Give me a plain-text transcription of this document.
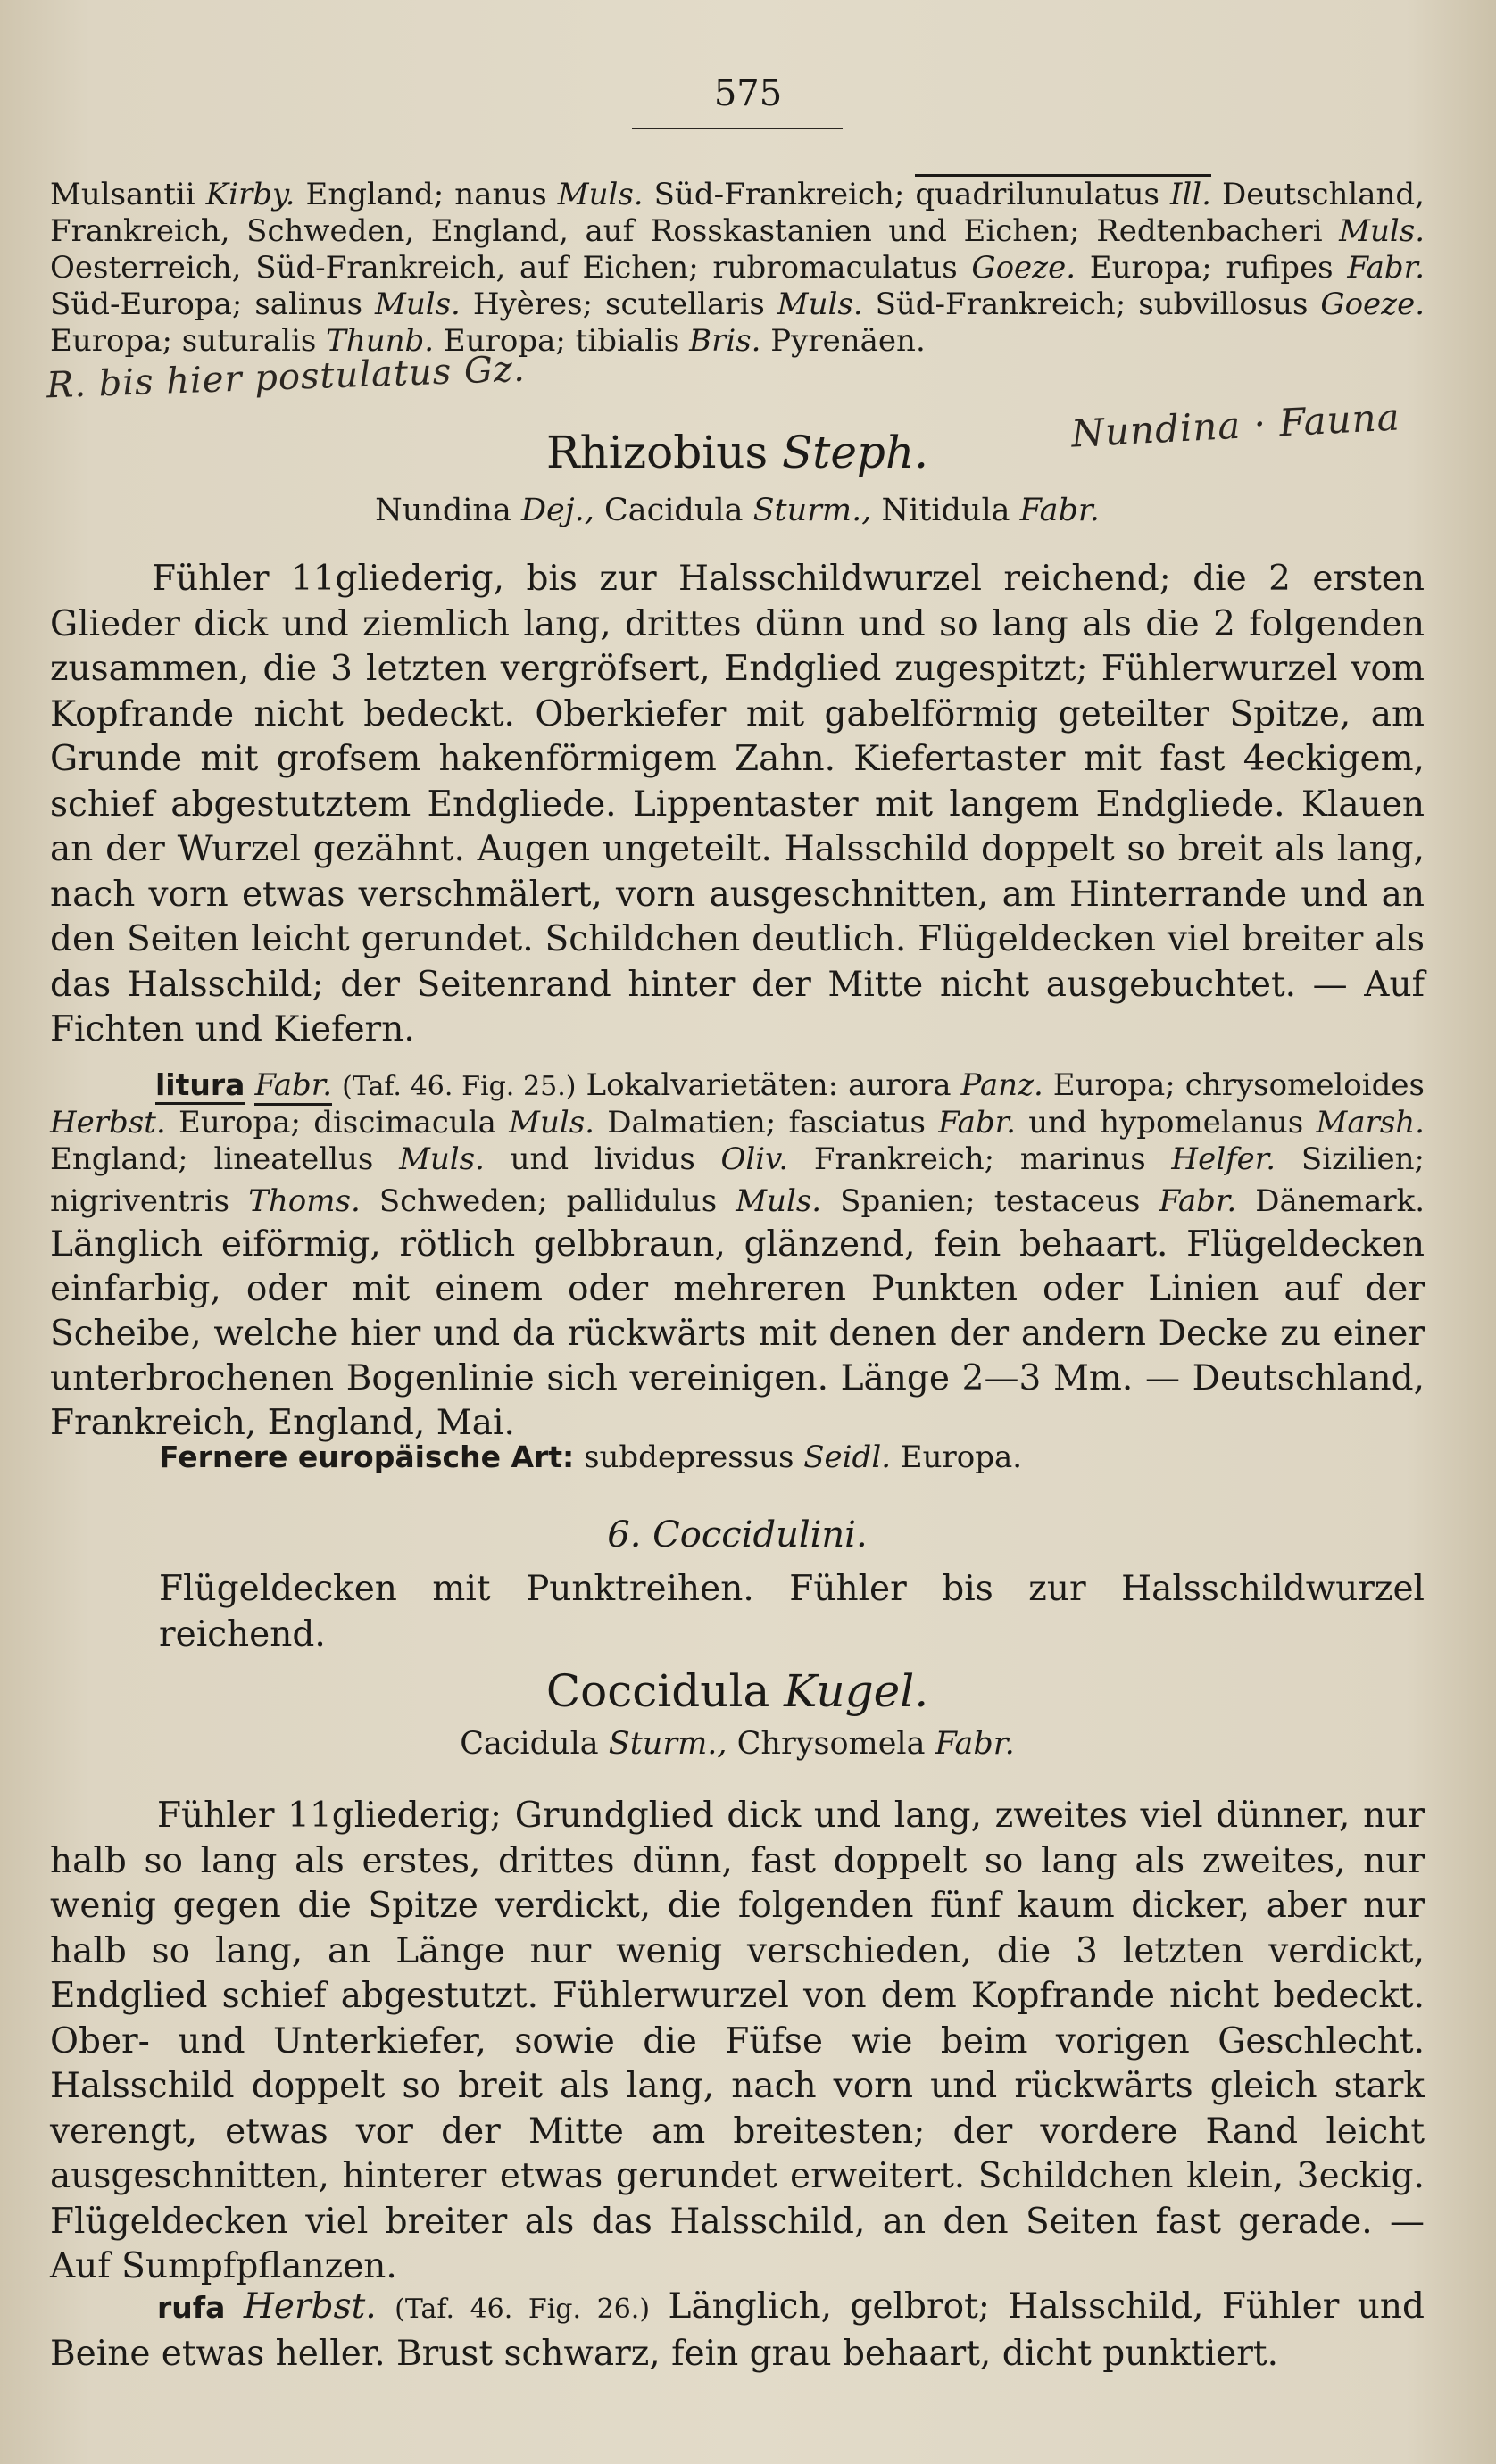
575
Mulsantii Kirby. England; nanus Muls. Süd-Frankreich; quadrilunulatus Ill. Deutschland, Frankreich, Schweden, England, auf Rosskastanien und Eichen; Redtenbacheri Muls. Oesterreich, Süd-Frankreich, auf Eichen; rubromaculatus Goeze. Europa; rufipes Fabr. Süd-Europa; salinus Muls. Hyères; scutellaris Muls. Süd-Frankreich; subvillosus Goeze. Europa; suturalis Thunb. Europa; tibialis Bris. Pyrenäen.
R. bis hier postulatus Gz.
Nundina · Fauna
Rhizobius Steph.
Nundina Dej., Cacidula Sturm., Nitidula Fabr.
Fühler 11gliederig, bis zur Halsschildwurzel reichend; die 2 ersten Glieder dick und ziemlich lang, drittes dünn und so lang als die 2 folgenden zusammen, die 3 letzten vergröfsert, Endglied zugespitzt; Fühlerwurzel vom Kopfrande nicht bedeckt. Oberkiefer mit gabelförmig geteilter Spitze, am Grunde mit grofsem hakenförmigem Zahn. Kiefertaster mit fast 4eckigem, schief abgestutztem Endgliede. Lippentaster mit langem Endgliede. Klauen an der Wurzel gezähnt. Augen ungeteilt. Halsschild doppelt so breit als lang, nach vorn etwas verschmälert, vorn ausgeschnitten, am Hinterrande und an den Seiten leicht gerundet. Schildchen deutlich. Flügeldecken viel breiter als das Halsschild; der Seitenrand hinter der Mitte nicht ausgebuchtet. — Auf Fichten und Kiefern.
litura Fabr. (Taf. 46. Fig. 25.) Lokalvarietäten: aurora Panz. Europa; chrysomeloides Herbst. Europa; discimacula Muls. Dalmatien; fasciatus Fabr. und hypomelanus Marsh. England; lineatellus Muls. und lividus Oliv. Frankreich; marinus Helfer. Sizilien; nigriventris Thoms. Schweden; pallidulus Muls. Spanien; testaceus Fabr. Dänemark. Länglich eiförmig, rötlich gelbbraun, glänzend, fein behaart. Flügeldecken einfarbig, oder mit einem oder mehreren Punkten oder Linien auf der Scheibe, welche hier und da rückwärts mit denen der andern Decke zu einer unterbrochenen Bogenlinie sich vereinigen. Länge 2—3 Mm. — Deutschland, Frankreich, England, Mai.
Fernere europäische Art: subdepressus Seidl. Europa.
6. Coccidulini.
Flügeldecken mit Punktreihen. Fühler bis zur Halsschildwurzel reichend.
Coccidula Kugel.
Cacidula Sturm., Chrysomela Fabr.
Fühler 11gliederig; Grundglied dick und lang, zweites viel dünner, nur halb so lang als erstes, drittes dünn, fast doppelt so lang als zweites, nur wenig gegen die Spitze verdickt, die folgenden fünf kaum dicker, aber nur halb so lang, an Länge nur wenig verschieden, die 3 letzten verdickt, Endglied schief abgestutzt. Fühlerwurzel von dem Kopfrande nicht bedeckt. Ober- und Unterkiefer, sowie die Füfse wie beim vorigen Geschlecht. Halsschild doppelt so breit als lang, nach vorn und rückwärts gleich stark verengt, etwas vor der Mitte am breitesten; der vordere Rand leicht ausgeschnitten, hinterer etwas gerundet erweitert. Schildchen klein, 3eckig. Flügeldecken viel breiter als das Halsschild, an den Seiten fast gerade. — Auf Sumpfpflanzen.
rufa Herbst. (Taf. 46. Fig. 26.) Länglich, gelbrot; Halsschild, Fühler und Beine etwas heller. Brust schwarz, fein grau behaart, dicht punktiert.
